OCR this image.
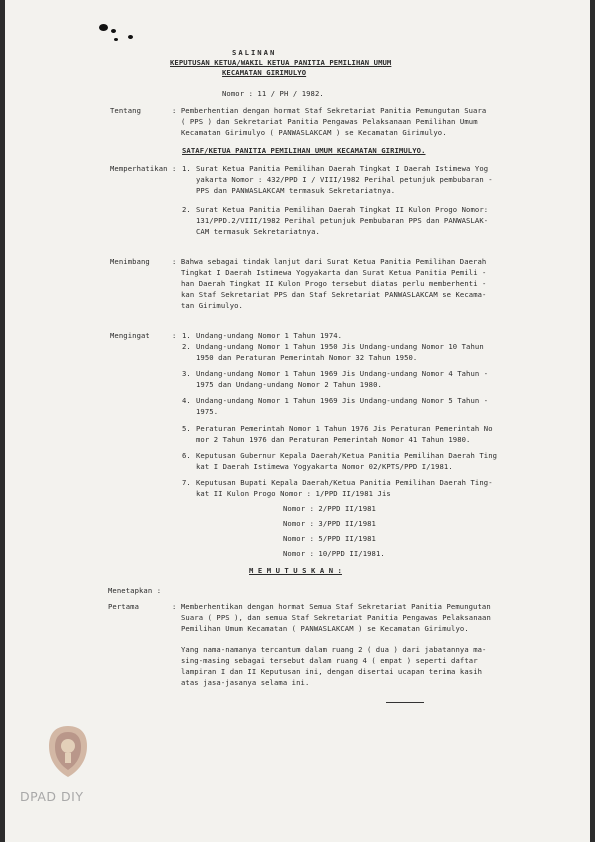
SALINAN
KEPUTUSAN KETUA/WAKIL KETUA PANITIA PEMILIHAN UMUM
KECAMATAN GIRIMULYO
Nomor : 11 / PH / 1982.
Tentang	: Pemberhentian dengan hormat Staf Sekretariat Panitia Pemungutan Suara
( PPS ) dan Sekretariat Panitia Pengawas Pelaksanaan Pemilihan Umum
Kecamatan Girimulyo ( PANWASLAKCAM ) se Kecamatan Girimulyo.
SATAF/KETUA PANITIA PEMILIHAN UMUM KECAMATAN GIRIMULYO.
Memperhatikan : 1. Surat Ketua Panitia Pemilihan Daerah Tingkat I Daerah Istimewa Yog
yakarta Nomor : 432/PPD I / VIII/1982 Perihal petunjuk pembubaran -
PPS dan PANWASLAKCAM termasuk Sekretariatnya.
2. Surat Ketua Panitia Pemilihan Daerah Tingkat II Kulon Progo Nomor:
131/PPD.2/VIII/1982 Perihal petunjuk Pembubaran PPS dan PANWASLAK-
CAM termasuk Sekretariatnya.
Menimbang	: Bahwa sebagai tindak lanjut dari Surat Ketua Panitia Pemilihan Daerah
Tingkat I Daerah Istimewa Yogyakarta dan Surat Ketua Panitia Pemili -
han Daerah Tingkat II Kulon Progo tersebut diatas perlu memberhenti -
kan Staf Sekretariat PPS dan Staf Sekretariat PANWASLAKCAM se Kecama-
tan Girimulyo.
Mengingat	: 1. Undang-undang Nomor 1 Tahun 1974.
2. Undang-undang Nomor 1 Tahun 1950 Jis Undang-undang Nomor 10 Tahun
1950 dan Peraturan Pemerintah Nomor 32 Tahun 1950.
3. Undang-undang Nomor 1 Tahun 1969 Jis Undang-undang Nomor 4 Tahun -
1975 dan Undang-undang Nomor 2 Tahun 1980.
4. Undang-undang Nomor 1 Tahun 1969 Jis Undang-undang Nomor 5 Tahun -
1975.
5. Peraturan Pemerintah Nomor 1 Tahun 1976 Jis Peraturan Pemerintah No
mor 2 Tahun 1976 dan Peraturan Pemerintah Nomor 41 Tahun 1980.
6. Keputusan Gubernur Kepala Daerah/Ketua Panitia Pemilihan Daerah Ting
kat I Daerah Istimewa Yogyakarta Nomor 02/KPTS/PPD I/1981.
7. Keputusan Bupati Kepala Daerah/Ketua Panitia Pemilihan Daerah Ting-
kat II Kulon Progo Nomor : 1/PPD II/1981 Jis
Nomor : 2/PPD II/1981
Nomor : 3/PPD II/1981
Nomor : 5/PPD II/1981
Nomor : 10/PPD II/1981.
M E M U T U S K A N :
Menetapkan :
Pertama	: Memberhentikan dengan hormat Semua Staf Sekretariat Panitia Pemungutan
Suara ( PPS ), dan semua Staf Sekretariat Panitia Pengawas Pelaksanaan
Pemilihan Umum Kecamatan ( PANWASLAKCAM ) se Kecamatan Girimulyo.
Yang nama-namanya tercantum dalam ruang 2 ( dua ) dari jabatannya ma-
sing-masing sebagai tersebut dalam ruang 4 ( empat ) seperti daftar
lampiran I dan II Keputusan ini, dengan disertai ucapan terima kasih
atas jasa-jasanya selama ini.
DPAD DIY
